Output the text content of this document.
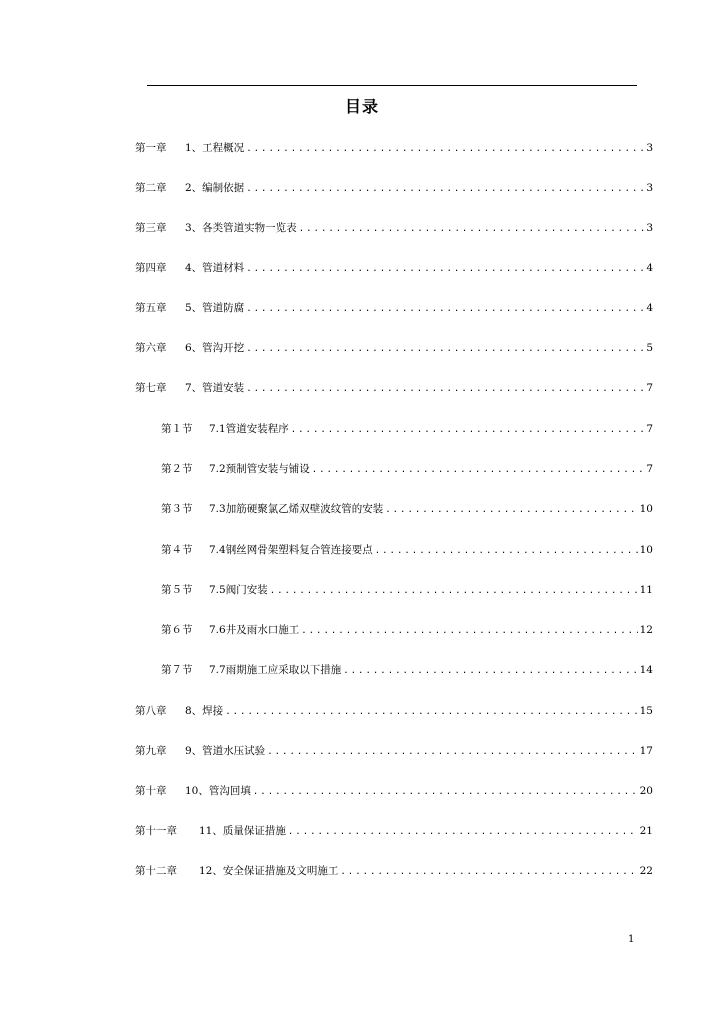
目录
第一章	1、工程概况 .....	3
第二章	2、编制依据 .....	3
第三章	3、各类管道实物一览表 .....	3
第四章	4、管道材料 .....	4
第五章	5、管道防腐 .....	4
第六章	6、管沟开挖 .....	5
第七章	7、管道安装 .....	7
第１节	7.1管道安装程序 .....	7
第２节	7.2预制管安装与铺设 .....	7
第３节	7.3加筋硬聚氯乙烯双壁波纹管的安装 .....	10
第４节	7.4钢丝网骨架塑料复合管连接要点 .....	10
第５节	7.5阀门安装 .....	11
第６节	7.6井及雨水口施工 .....	12
第７节	7.7雨期施工应采取以下措施 .....	14
第八章	8、焊接 .....	15
第九章	9、管道水压试验 .....	17
第十章	10、管沟回填 .....	20
第十一章	11、质量保证措施 .....	21
第十二章	12、安全保证措施及文明施工 .....	22
1
